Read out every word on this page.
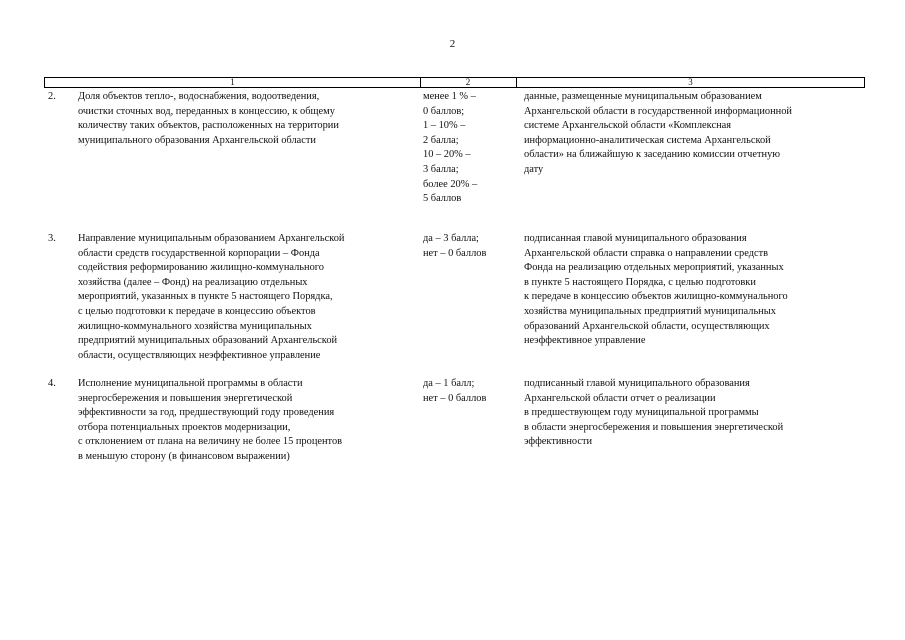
2
1	2	3
2. Доля объектов тепло-, водоснабжения, водоотведения,
очистки сточных вод, переданных в концессию, к общему
количеству таких объектов, расположенных на территории
муниципального образования Архангельской области
менее 1 % –
0 баллов;
1 – 10% –
2 балла;
10 – 20% –
3 балла;
более 20% –
5 баллов
данные, размещенные муниципальным образованием
Архангельской области в государственной информационной
системе Архангельской области «Комплексная
информационно-аналитическая система Архангельской
области» на ближайшую к заседанию комиссии отчетную
дату
3. Направление муниципальным образованием Архангельской
области средств государственной корпорации – Фонда
содействия реформированию жилищно-коммунального
хозяйства (далее – Фонд) на реализацию отдельных
мероприятий, указанных в пункте 5 настоящего Порядка,
с целью подготовки к передаче в концессию объектов
жилищно-коммунального хозяйства муниципальных
предприятий муниципальных образований Архангельской
области, осуществляющих неэффективное управление
да – 3 балла;
нет – 0 баллов
подписанная главой муниципального образования
Архангельской области справка о направлении средств
Фонда на реализацию отдельных мероприятий, указанных
в пункте 5 настоящего Порядка, с целью подготовки
к передаче в концессию объектов жилищно-коммунального
хозяйства муниципальных предприятий муниципальных
образований Архангельской области, осуществляющих
неэффективное управление
4. Исполнение муниципальной программы в области
энергосбережения и повышения энергетической
эффективности за год, предшествующий году проведения
отбора потенциальных проектов модернизации,
с отклонением от плана на величину не более 15 процентов
в меньшую сторону (в финансовом выражении)
да – 1 балл;
нет – 0 баллов
подписанный главой муниципального образования
Архангельской области отчет о реализации
в предшествующем году муниципальной программы
в области энергосбережения и повышения энергетической
эффективности
